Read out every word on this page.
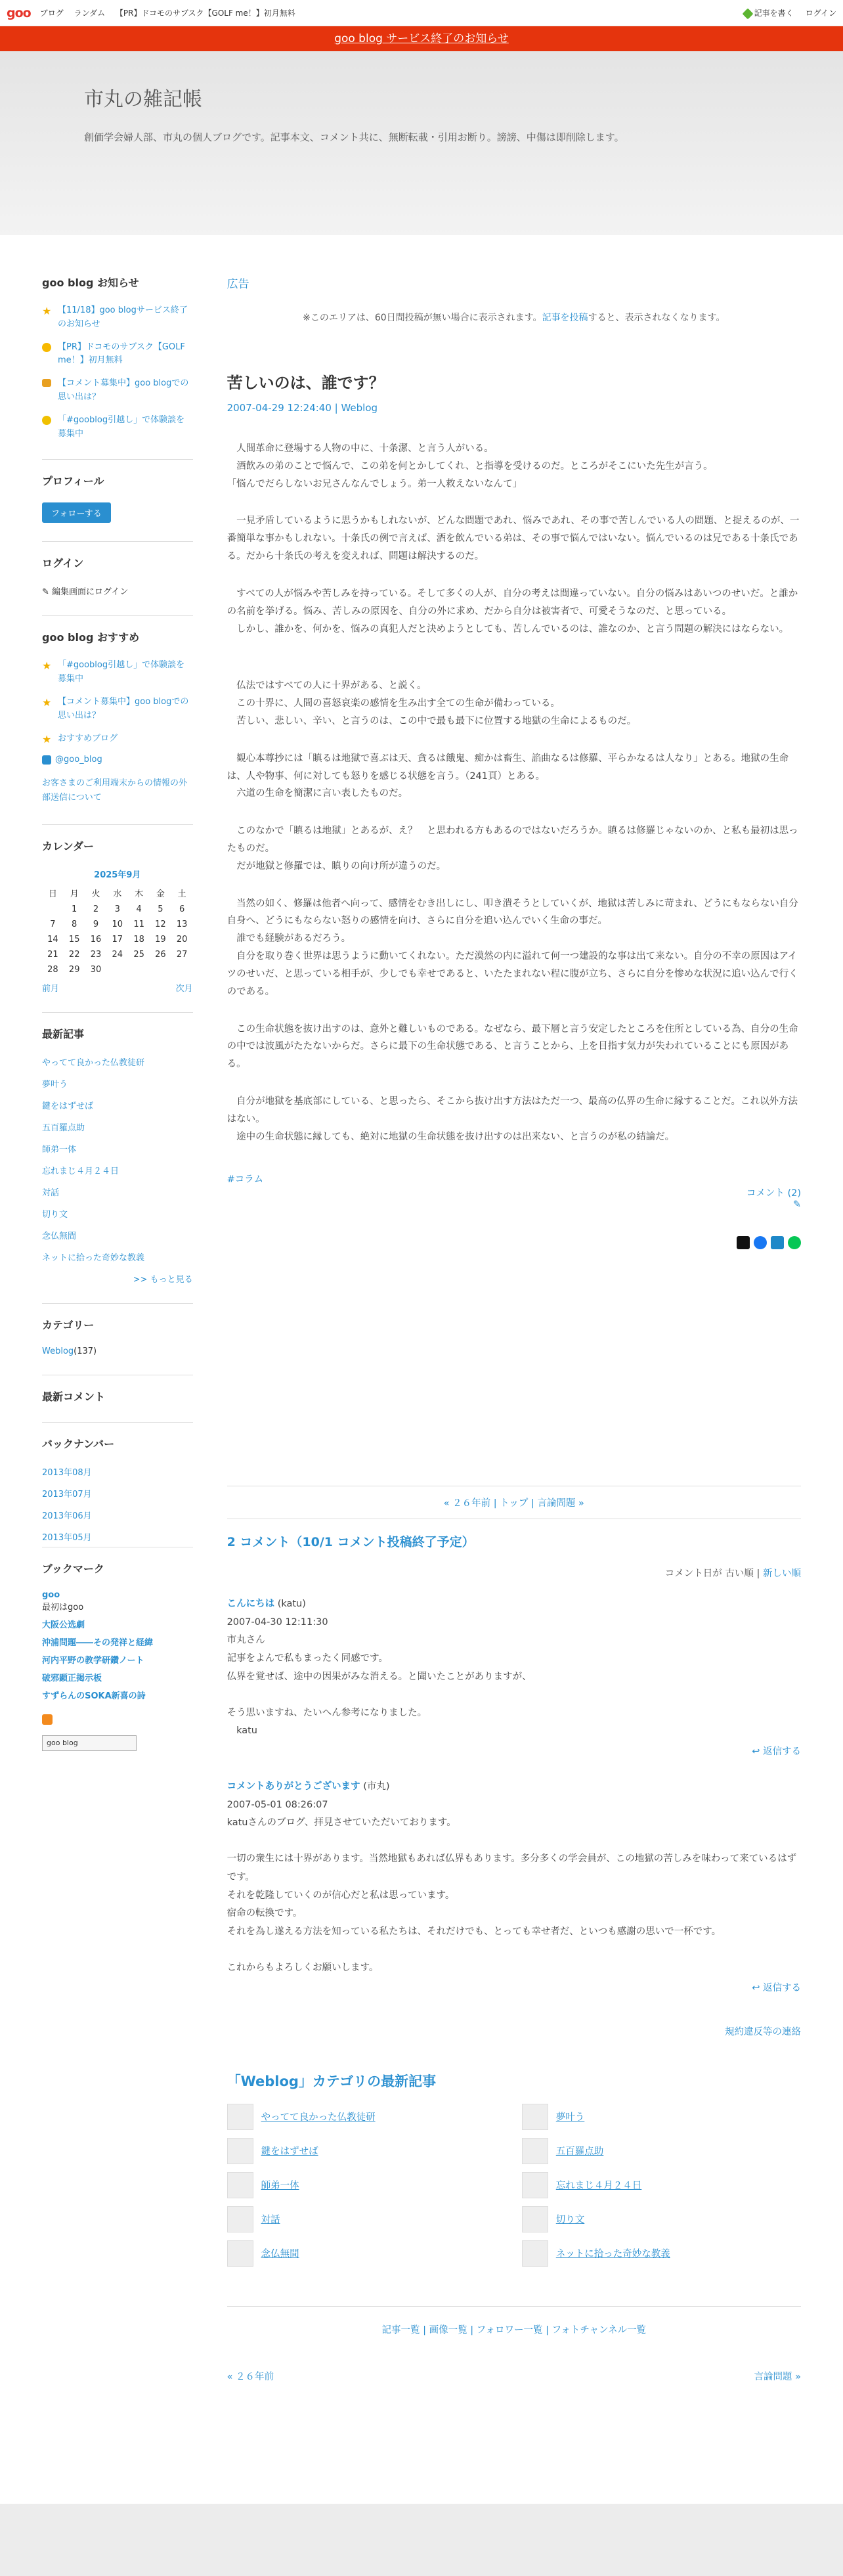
goo ブログ ランダム 【PR】ドコモのサブスク【GOLF me！】初月無料	記事を書く ログイン
goo blog サービス終了のお知らせ
市丸の雑記帳

創価学会婦人部、市丸の個人ブログです。記事本文、コメント共に、無断転載・引用お断り。謗謗、中傷は即削除します。

goo blog お知らせ
★ 【11/18】goo blogサービス終了のお知らせ
【PR】ドコモのサブスク【GOLF me！】初月無料
【コメント募集中】goo blogでの思い出は？
「#gooblog引越し」で体験談を募集中
プロフィール
フォローする
ログイン
✎ 編集画面にログイン
goo blog おすすめ
★ 「#gooblog引越し」で体験談を募集中
★ 【コメント募集中】goo blogでの思い出は？
★ おすすめブログ
@goo_blog
お客さまのご利用端末からの情報の外部送信について
カレンダー
2025年9月
日	月	火	水	木	金	土
	1	2	3	4	5	6
7	8	9	10	11	12	13
14	15	16	17	18	19	20
21	22	23	24	25	26	27
28	29	30				
前月	次月
最新記事
やってて良かった仏教徒研
夢叶う
鍵をはずせば
五百羅点助
師弟一体
忘れまじ４月２４日
対話
切り文
念仏無間
ネットに拾った奇妙な教義
>> もっと見る
カテゴリー
Weblog(137)
最新コメント
バックナンバー
2013年08月
2013年07月
2013年06月
2013年05月
ブックマーク
goo
最初はgoo
大阪公选劇
沖浦問題――その発祥と経緯
河内平野の教学研鑽ノート
破邪顕正掲示板
すずらんのSOKA新喜の詩
goo blog
広告
※このエリアは、60日間投稿が無い場合に表示されます。記事を投稿すると、表示されなくなります。
苦しいのは、誰です？
2007-04-29 12:24:40 | Weblog

　人間革命に登場する人物の中に、十条潔、と言う人がいる。
　酒飲みの弟のことで悩んで、この弟を何とかしてくれ、と指導を受けるのだ。ところがそこにいた先生が言う。
「悩んでだらしないお兄さんなんでしょう。弟一人救えないなんて」

　一見矛盾しているように思うかもしれないが、どんな問題であれ、悩みであれ、その事で苦しんでいる人の問題、と捉えるのが、一番簡単な事かもしれない。十条氏の例で言えば、酒を飲んでいる弟は、その事で悩んではいない。悩んでいるのは兄である十条氏である。だから十条氏の考えを変えれば、問題は解決するのだ。

　すべての人が悩みや苦しみを持っている。そして多くの人が、自分の考えは間違っていない。自分の悩みはあいつのせいだ。と誰かの名前を挙げる。悩み、苦しみの原因を、自分の外に求め、だから自分は被害者で、可愛そうなのだ、と思っている。
　しかし、誰かを、何かを、悩みの真犯人だと決めようとしても、苦しんでいるのは、誰なのか、と言う問題の解決にはならない。

　仏法ではすべての人に十界がある、と説く。
　この十界に、人間の喜怒哀楽の感情を生み出す全ての生命が備わっている。
　苦しい、悲しい、辛い、と言うのは、この中で最も最下に位置する地獄の生命によるものだ。

　観心本尊抄には「瞋るは地獄で喜ぶは天、貪るは餓鬼、痴かは畜生、諂曲なるは修羅、平らかなるは人なり」とある。地獄の生命は、人や物事、何に対しても怒りを感じる状態を言う。（241頁）とある。
　六道の生命を簡潔に言い表したものだ。

　このなかで「瞋るは地獄」とあるが、え？　と思われる方もあるのではないだろうか。瞋るは修羅じゃないのか、と私も最初は思ったものだ。
　だが地獄と修羅では、瞋りの向け所が違うのだ。

　当然の如く、修羅は他者へ向って、感情をむき出しにし、叩き潰そうとしていくが、地獄は苦しみに苛まれ、どうにもならない自分自身へ、どうにもならない怒りの感情を向け、さらに自分を追い込んでいく生命の事だ。
　誰でも経験があるだろう。
　自分を取り巻く世界は思うように動いてくれない。ただ漠然の内に溢れて何一つ建設的な事は出て来ない。自分の不幸の原因はアイツのせいだ、と思っている相手が、少しでも幸せであると、いたたまれない程に腹が立ち、さらに自分を惨めな状況に追い込んで行くのである。

　この生命状態を抜け出すのは、意外と難しいものである。なぜなら、最下層と言う安定したところを住所としている為、自分の生命の中では波風がたたないからだ。さらに最下の生命状態である、と言うことから、上を目指す気力が失われていることにも原因がある。

　自分が地獄を基底部にしている、と思ったら、そこから抜け出す方法はただ一つ、最高の仏界の生命に縁することだ。これ以外方法はない。
　途中の生命状態に縁しても、絶対に地獄の生命状態を抜け出すのは出来ない、と言うのが私の結論だ。

#コラム
コメント (2)
✎
« ２６年前 | トップ | 言論問題 »
2 コメント（10/1 コメント投稿終了予定）
コメント日が 古い順 | 新しい順
こんにちは (katu)
2007-04-30 12:11:30
市丸さん
記事をよんで私もまったく同感です。
仏界を覚せば、途中の因果がみな消える。と聞いたことがありますが、

そう思いますね、たいへん参考になりました。
　katu
↩ 返信する
コメントありがとうございます (市丸)
2007-05-01 08:26:07
katuさんのブログ、拝見させていただいております。

一切の衆生には十界があります。当然地獄もあれば仏界もあります。多分多くの学会員が、この地獄の苦しみを味わって来ているはずです。
それを乾隆していくのが信心だと私は思っています。
宿命の転換です。
それを為し遂える方法を知っている私たちは、それだけでも、とっても幸せ者だ、といつも感謝の思いで一杯です。

これからもよろしくお願いします。
↩ 返信する
規約違反等の連絡
「Weblog」カテゴリの最新記事
やってて良かった仏教徒研	夢叶う
鍵をはずせば	五百羅点助
師弟一体	忘れまじ４月２４日
対話	切り文
念仏無間	ネットに拾った奇妙な教義
記事一覧 | 画像一覧 | フォロワー一覧 | フォトチャンネル一覧
« ２６年前	言論問題 »
